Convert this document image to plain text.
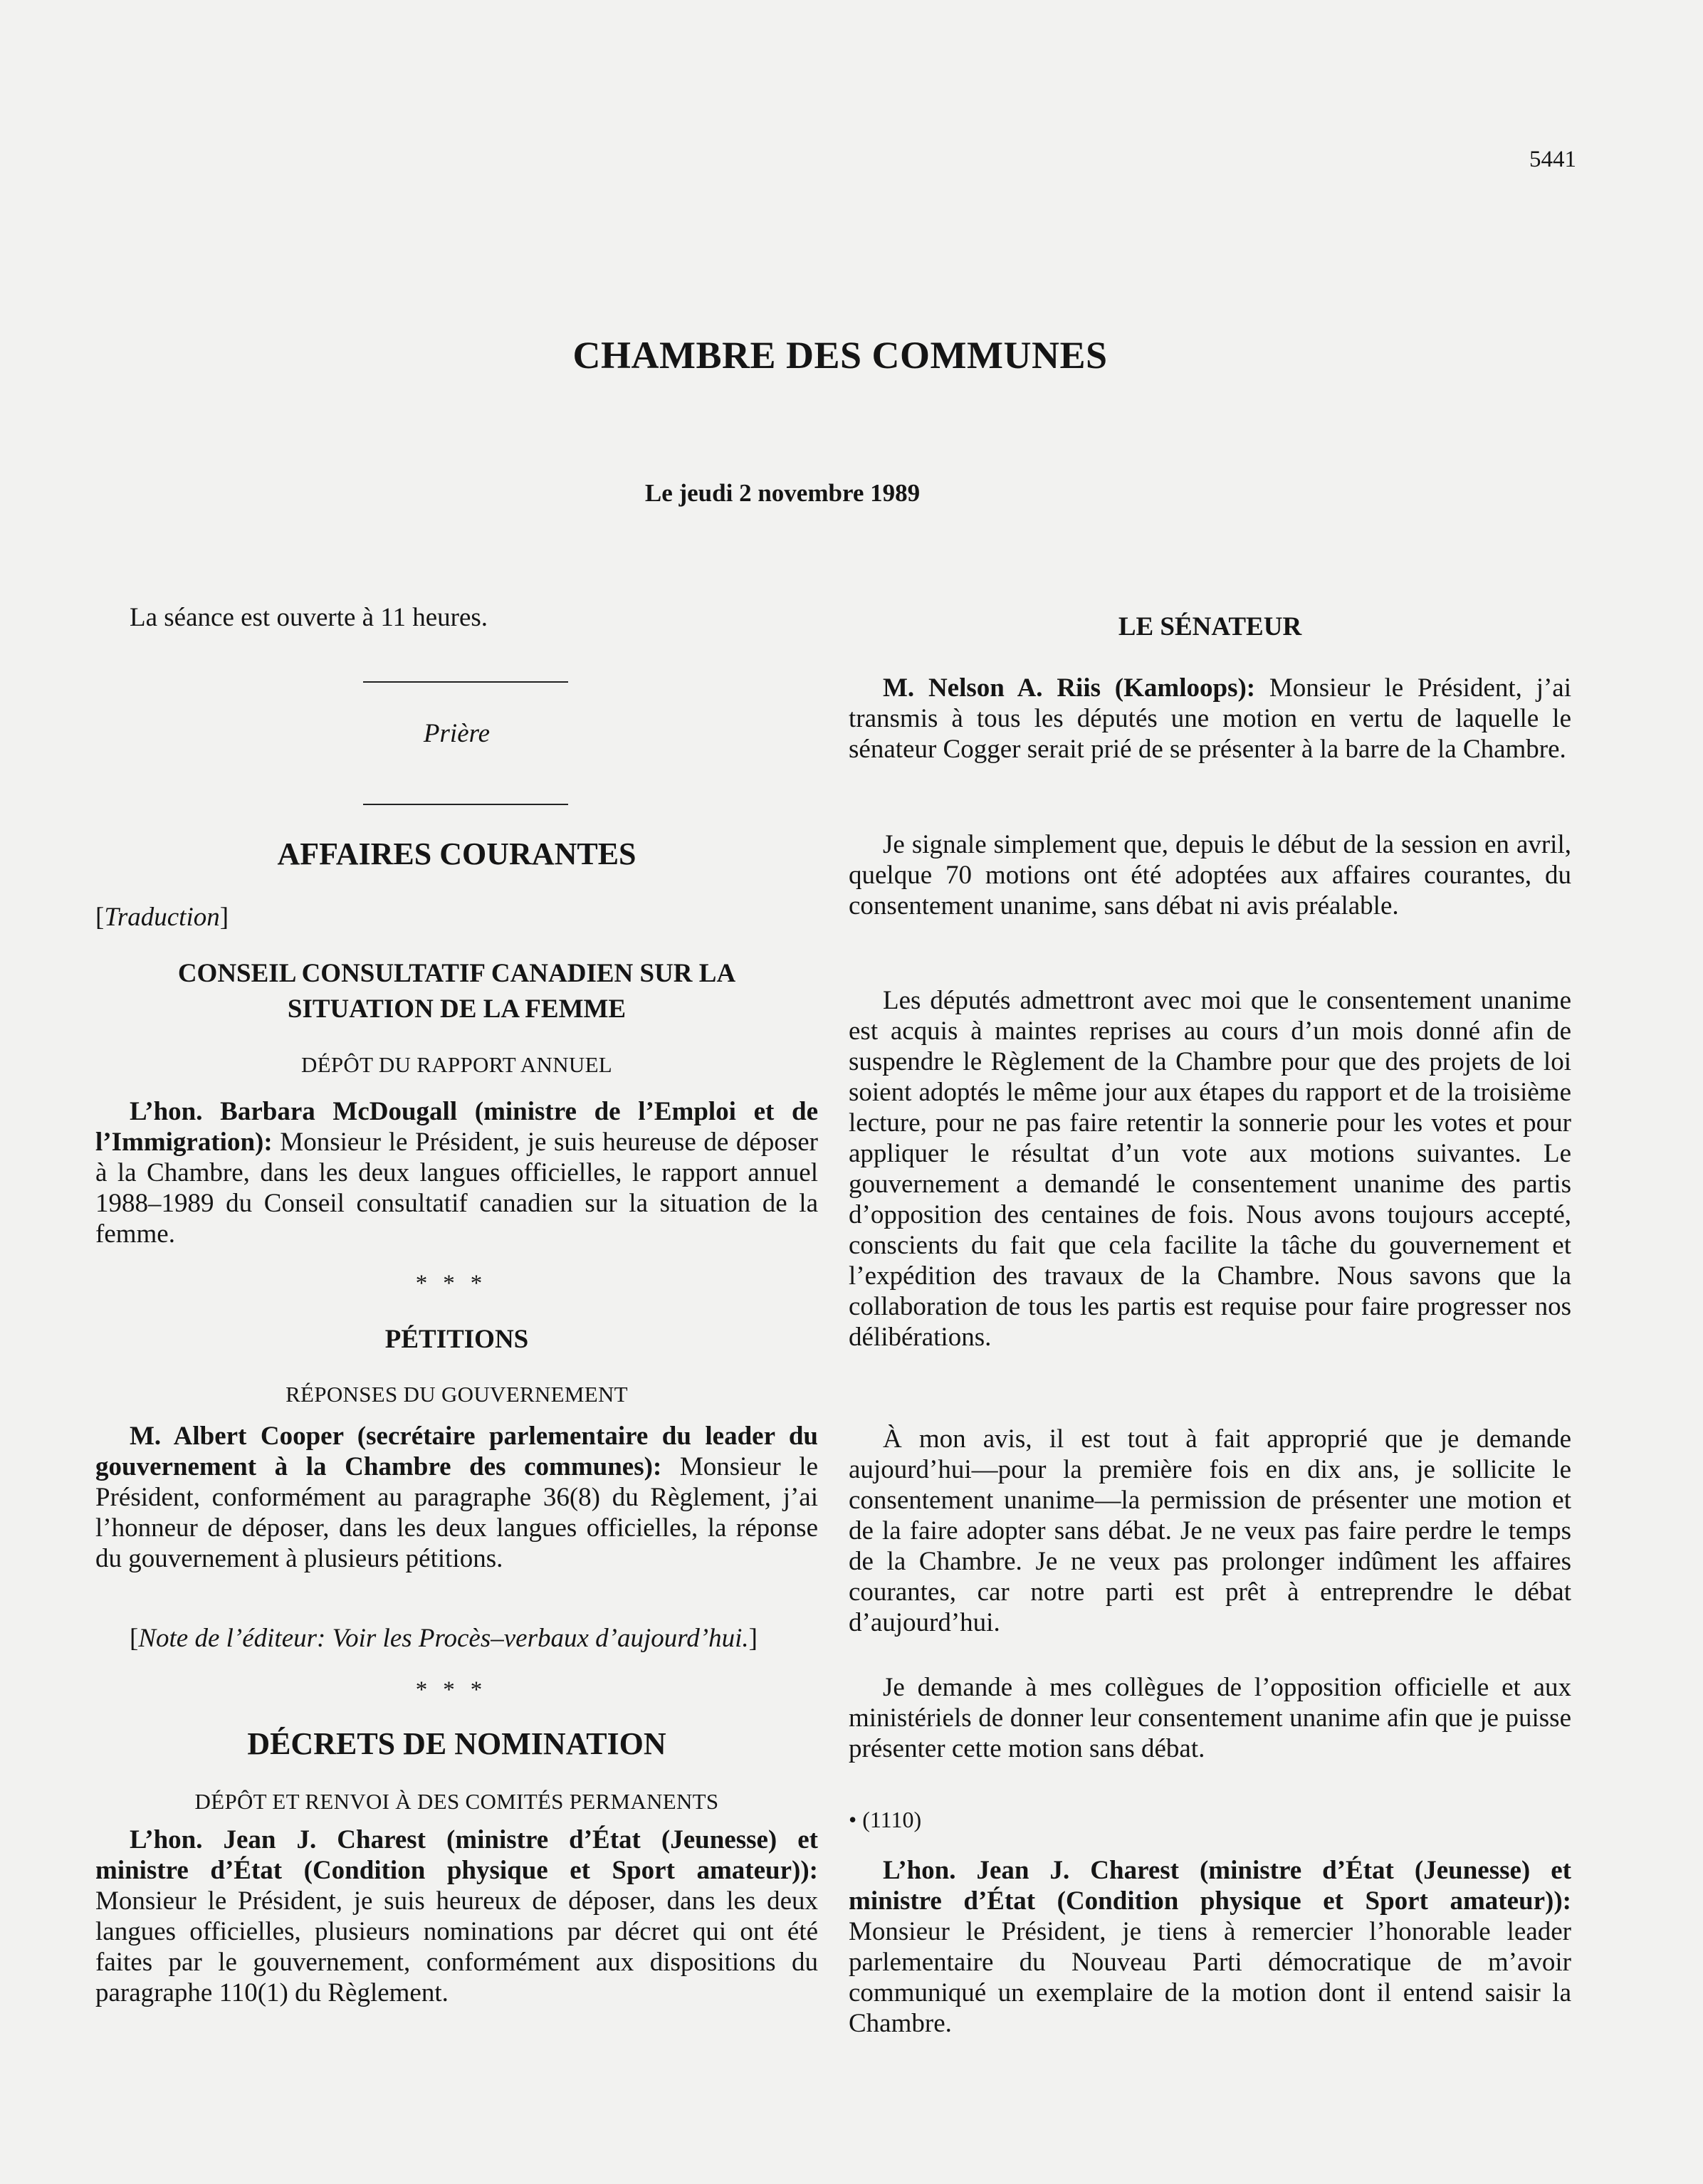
5441
CHAMBRE DES COMMUNES
Le jeudi 2 novembre 1989
La séance est ouverte à 11 heures.
Prière
AFFAIRES COURANTES
[Traduction]
CONSEIL CONSULTATIF CANADIEN SUR LA
SITUATION DE LA FEMME
DÉPÔT DU RAPPORT ANNUEL
L’hon. Barbara McDougall (ministre de l’Emploi et de l’Immigration): Monsieur le Président, je suis heureuse de déposer à la Chambre, dans les deux langues officielles, le rapport annuel 1988–1989 du Conseil consultatif canadien sur la situation de la femme.
***
PÉTITIONS
RÉPONSES DU GOUVERNEMENT
M. Albert Cooper (secrétaire parlementaire du leader du gouvernement à la Chambre des communes): Monsieur le Président, conformément au paragraphe 36(8) du Règlement, j’ai l’honneur de déposer, dans les deux langues officielles, la réponse du gouvernement à plusieurs pétitions.
[Note de l’éditeur: Voir les Procès–verbaux d’aujourd’hui.]
***
DÉCRETS DE NOMINATION
DÉPÔT ET RENVOI À DES COMITÉS PERMANENTS
L’hon. Jean J. Charest (ministre d’État (Jeunesse) et ministre d’État (Condition physique et Sport amateur)): Monsieur le Président, je suis heureux de déposer, dans les deux langues officielles, plusieurs nominations par décret qui ont été faites par le gouvernement, conformément aux dispositions du paragraphe 110(1) du Règlement.
LE SÉNATEUR
M. Nelson A. Riis (Kamloops): Monsieur le Président, j’ai transmis à tous les députés une motion en vertu de laquelle le sénateur Cogger serait prié de se présenter à la barre de la Chambre.
Je signale simplement que, depuis le début de la session en avril, quelque 70 motions ont été adoptées aux affaires courantes, du consentement unanime, sans débat ni avis préalable.
Les députés admettront avec moi que le consentement unanime est acquis à maintes reprises au cours d’un mois donné afin de suspendre le Règlement de la Chambre pour que des projets de loi soient adoptés le même jour aux étapes du rapport et de la troisième lecture, pour ne pas faire retentir la sonnerie pour les votes et pour appliquer le résultat d’un vote aux motions suivantes. Le gouvernement a demandé le consentement unanime des partis d’opposition des centaines de fois. Nous avons toujours accepté, conscients du fait que cela facilite la tâche du gouvernement et l’expédition des travaux de la Chambre. Nous savons que la collaboration de tous les partis est requise pour faire progresser nos délibérations.
À mon avis, il est tout à fait approprié que je demande aujourd’hui—pour la première fois en dix ans, je sollicite le consentement unanime—la permission de présenter une motion et de la faire adopter sans débat. Je ne veux pas faire perdre le temps de la Chambre. Je ne veux pas prolonger indûment les affaires courantes, car notre parti est prêt à entreprendre le débat d’aujourd’hui.
Je demande à mes collègues de l’opposition officielle et aux ministériels de donner leur consentement unanime afin que je puisse présenter cette motion sans débat.
• (1110)
L’hon. Jean J. Charest (ministre d’État (Jeunesse) et ministre d’État (Condition physique et Sport amateur)): Monsieur le Président, je tiens à remercier l’honorable leader parlementaire du Nouveau Parti démocratique de m’avoir communiqué un exemplaire de la motion dont il entend saisir la Chambre.
